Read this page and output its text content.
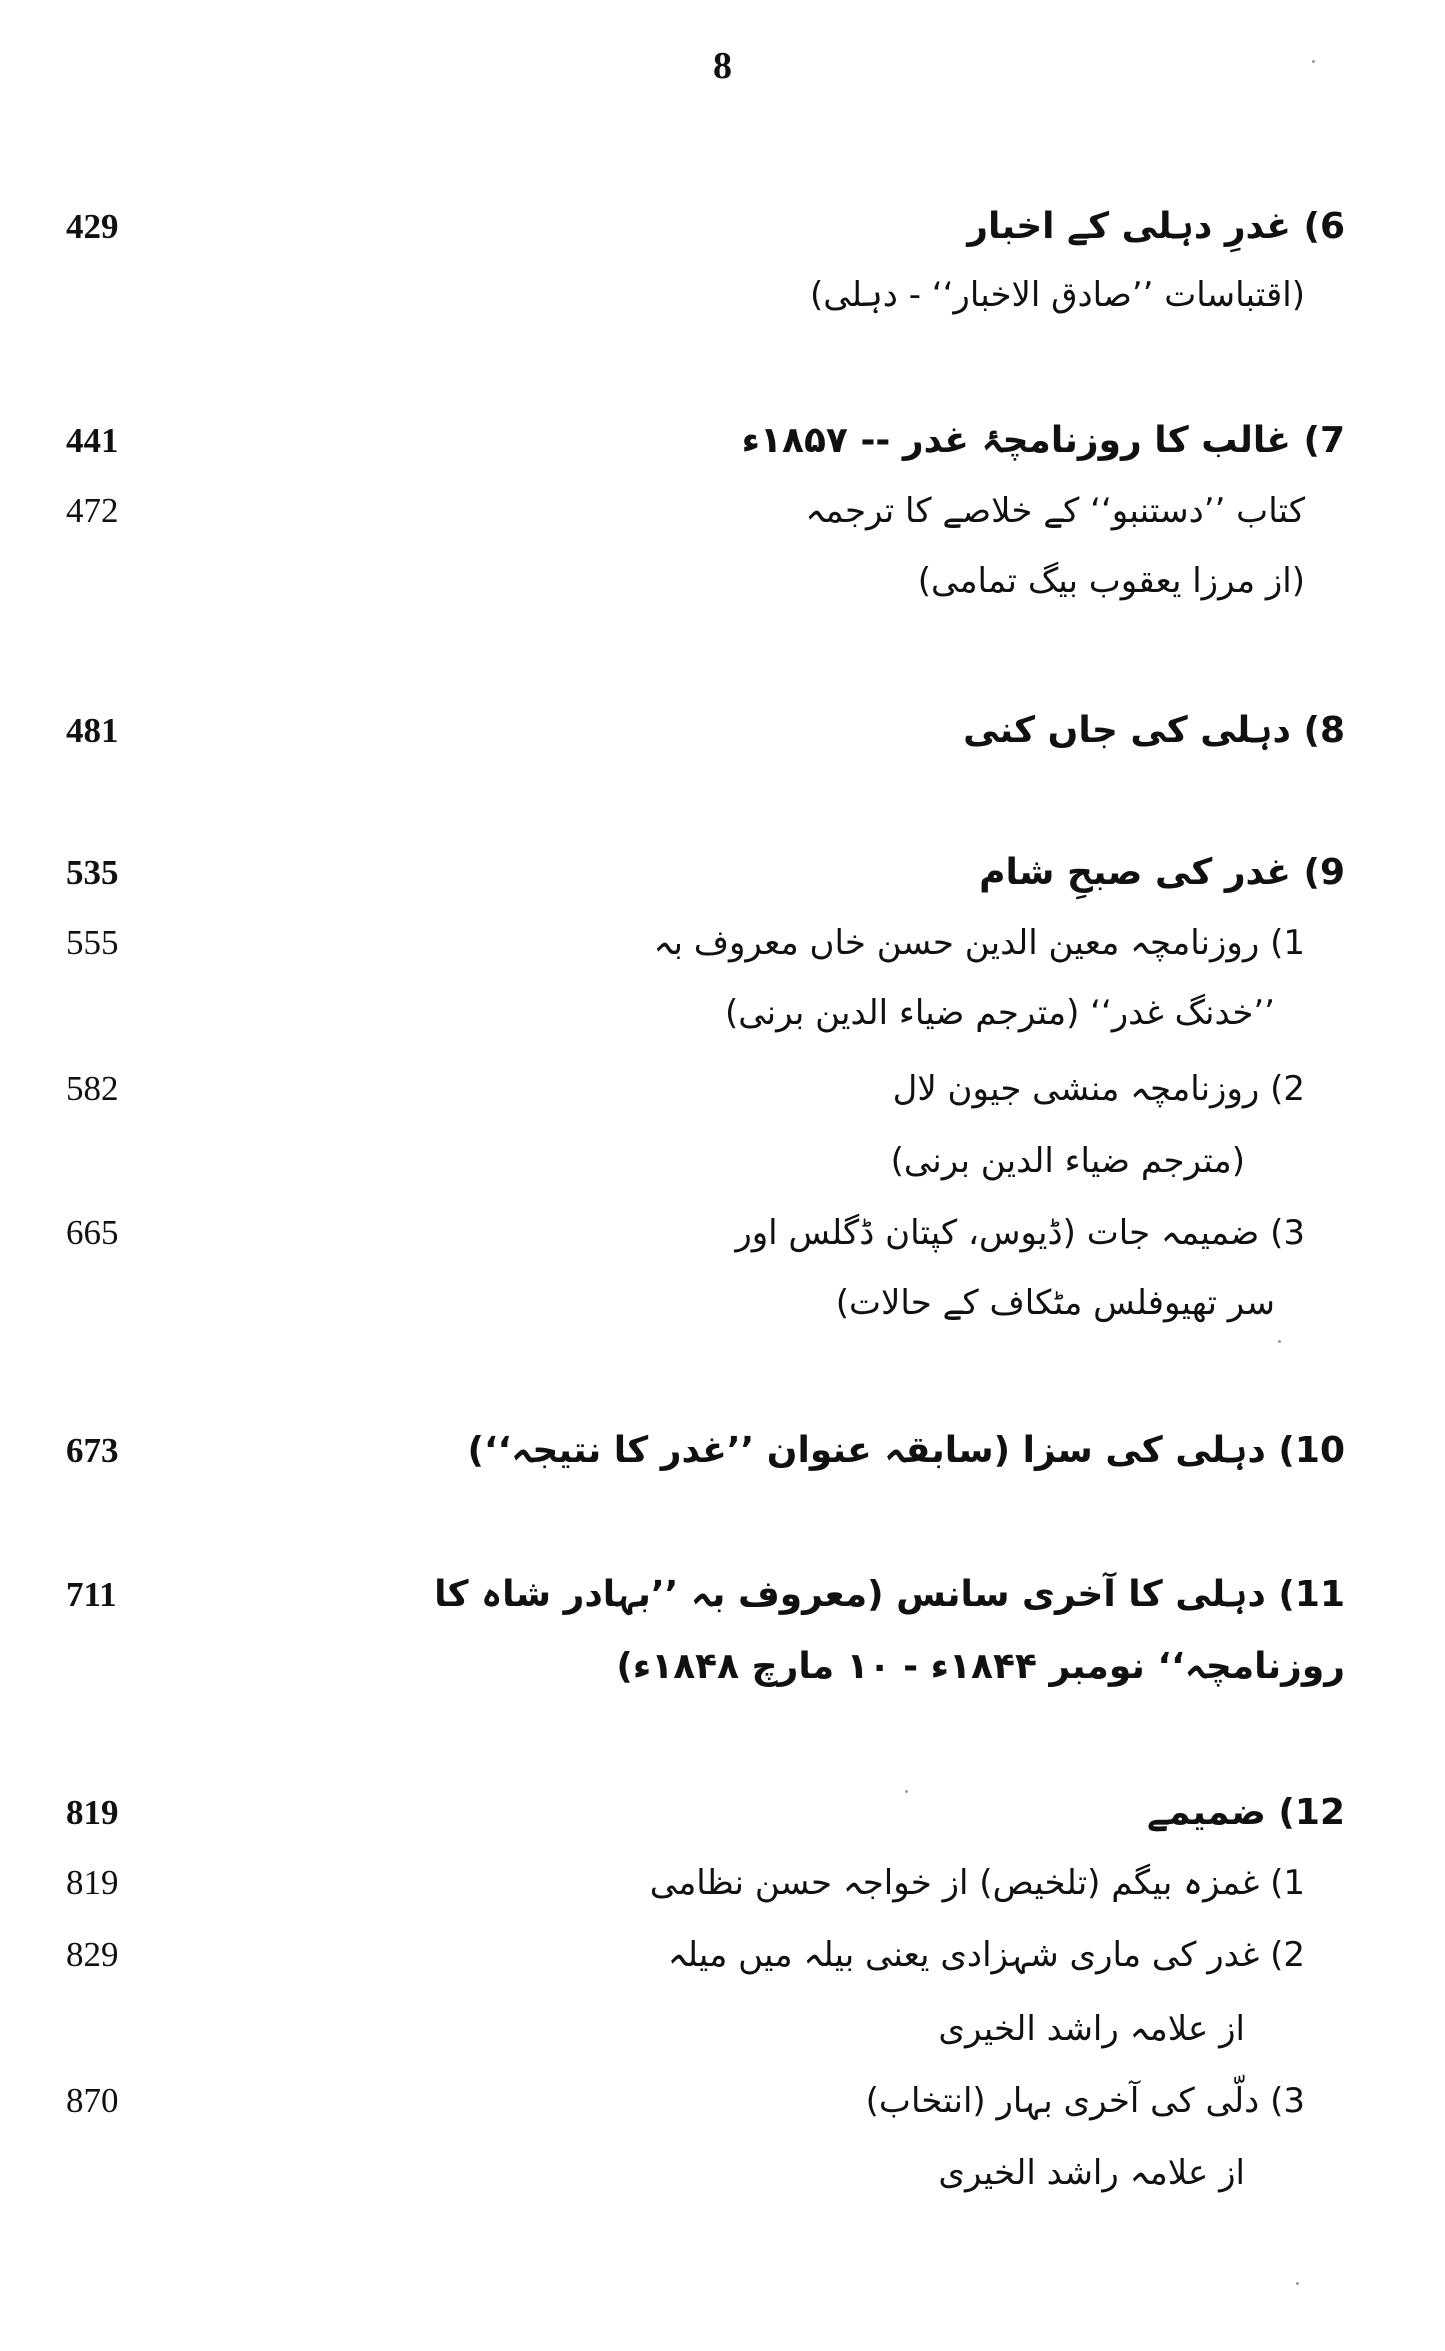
8
429	6) غدرِ دہلی کے اخبار
(اقتباسات ’’صادق الاخبار‘‘ - دہلی)
441	7) غالب کا روزنامچۂ غدر -- ۱۸۵۷ء
472	کتاب ’’دستنبو‘‘ کے خلاصے کا ترجمہ
(از مرزا یعقوب بیگ تمامی)
481	8) دہلی کی جاں کنی
535	9) غدر کی صبحِ شام
555	1) روزنامچہ معین الدین حسن خاں معروف بہ
’’خدنگ غدر‘‘ (مترجم ضیاء الدین برنی)
582	2) روزنامچہ منشی جیون لال
(مترجم ضیاء الدین برنی)
665	3) ضمیمہ جات (ڈیوس، کپتان ڈگلس اور
سر تھیوفلس مٹکاف کے حالات)
673	10) دہلی کی سزا (سابقہ عنوان ’’غدر کا نتیجہ‘‘)
711	11) دہلی کا آخری سانس (معروف بہ ’’بہادر شاہ کا
روزنامچہ‘‘ نومبر ۱۸۴۴ء - ۱۰ مارچ ۱۸۴۸ء)
819	12) ضمیمے
819	1) غمزہ بیگم (تلخیص) از خواجہ حسن نظامی
829	2) غدر کی ماری شہزادی یعنی بیلہ میں میلہ
از علامہ راشد الخیری
870	3) دلّی کی آخری بہار (انتخاب)
از علامہ راشد الخیری
